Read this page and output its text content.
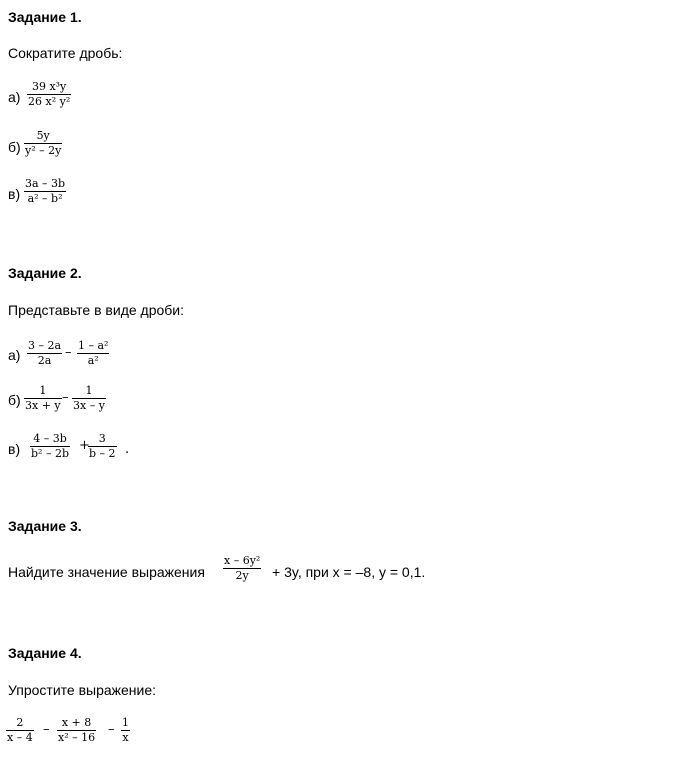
Задание 1.
Сократите дробь:
а)
39 x³y
26 x² y²
б)
5y
y² – 2y
в)
3a – 3b
a² – b²
Задание 2.
Представьте в виде дроби:
а)
3 – 2a
2a
– 1 – a²
a²
б)
1
3x + y
–	1
3x – y
в)
4 – 3b
b² – 2b
+ 3
b – 2 .
Задание 3.
Найдите значение выражения
x – 6y²
2y	+ 3y, при x = –8, y = 0,1.
Задание 4.
Упростите выражение:
2
x – 4
–	x + 8
x² – 16
– 1
x
